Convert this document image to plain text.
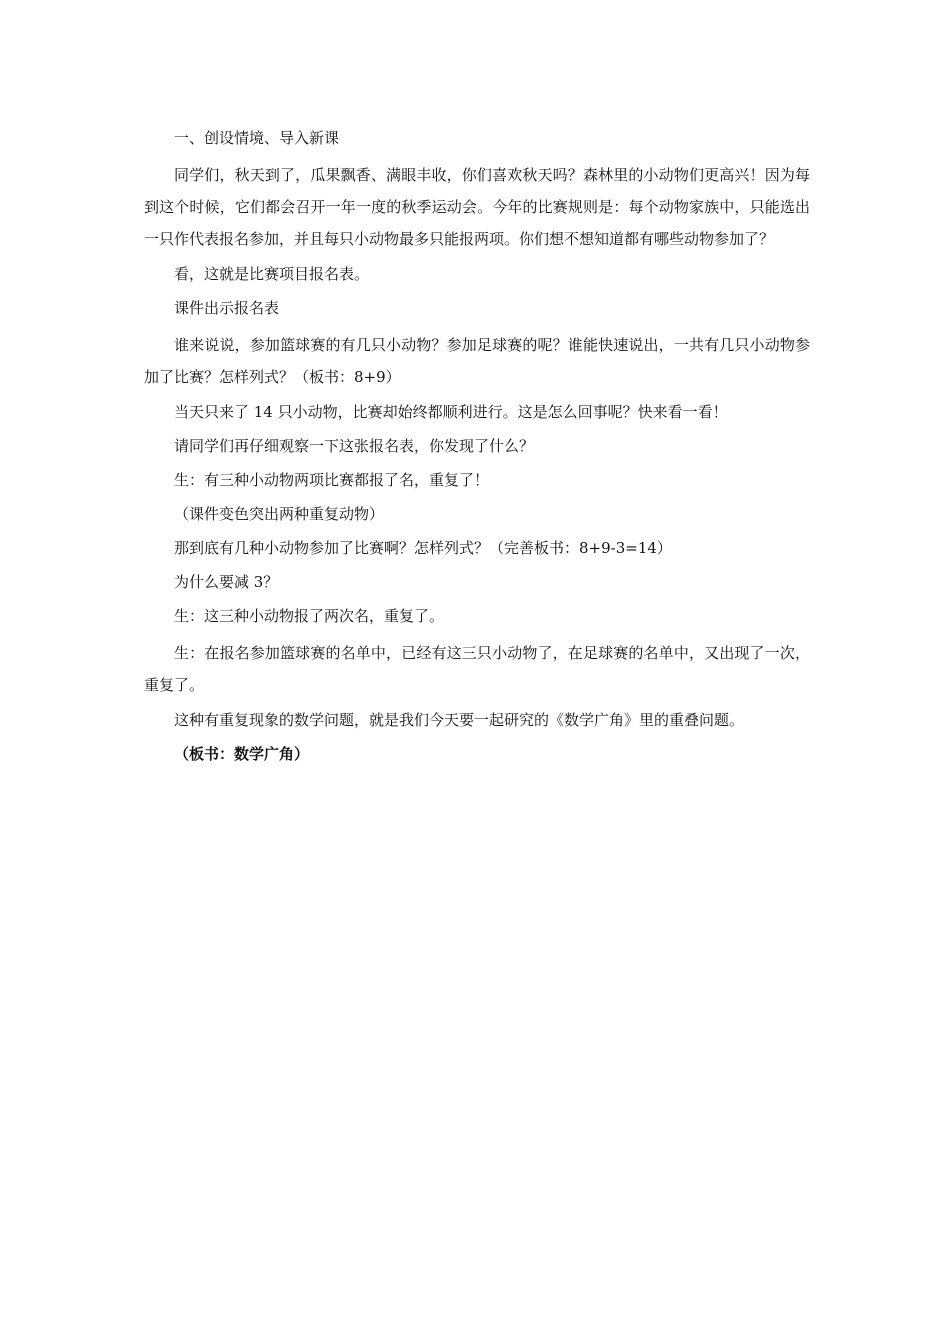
一、创设情境、导入新课

同学们，秋天到了，瓜果飘香、满眼丰收，你们喜欢秋天吗？森林里的小动物们更高兴！因为每到这个时候，它们都会召开一年一度的秋季运动会。今年的比赛规则是：每个动物家族中，只能选出一只作代表报名参加，并且每只小动物最多只能报两项。你们想不想知道都有哪些动物参加了？

看，这就是比赛项目报名表。

课件出示报名表

谁来说说，参加篮球赛的有几只小动物？参加足球赛的呢？谁能快速说出，一共有几只小动物参加了比赛？怎样列式？（板书：8+9）

当天只来了 14 只小动物，比赛却始终都顺利进行。这是怎么回事呢？快来看一看！

请同学们再仔细观察一下这张报名表，你发现了什么？

生：有三种小动物两项比赛都报了名，重复了！

（课件变色突出两种重复动物）

那到底有几种小动物参加了比赛啊？怎样列式？（完善板书：8+9-3=14）

为什么要减 3？

生：这三种小动物报了两次名，重复了。

生：在报名参加篮球赛的名单中，已经有这三只小动物了，在足球赛的名单中，又出现了一次，重复了。

这种有重复现象的数学问题，就是我们今天要一起研究的《数学广角》里的重叠问题。

（板书：数学广角）
